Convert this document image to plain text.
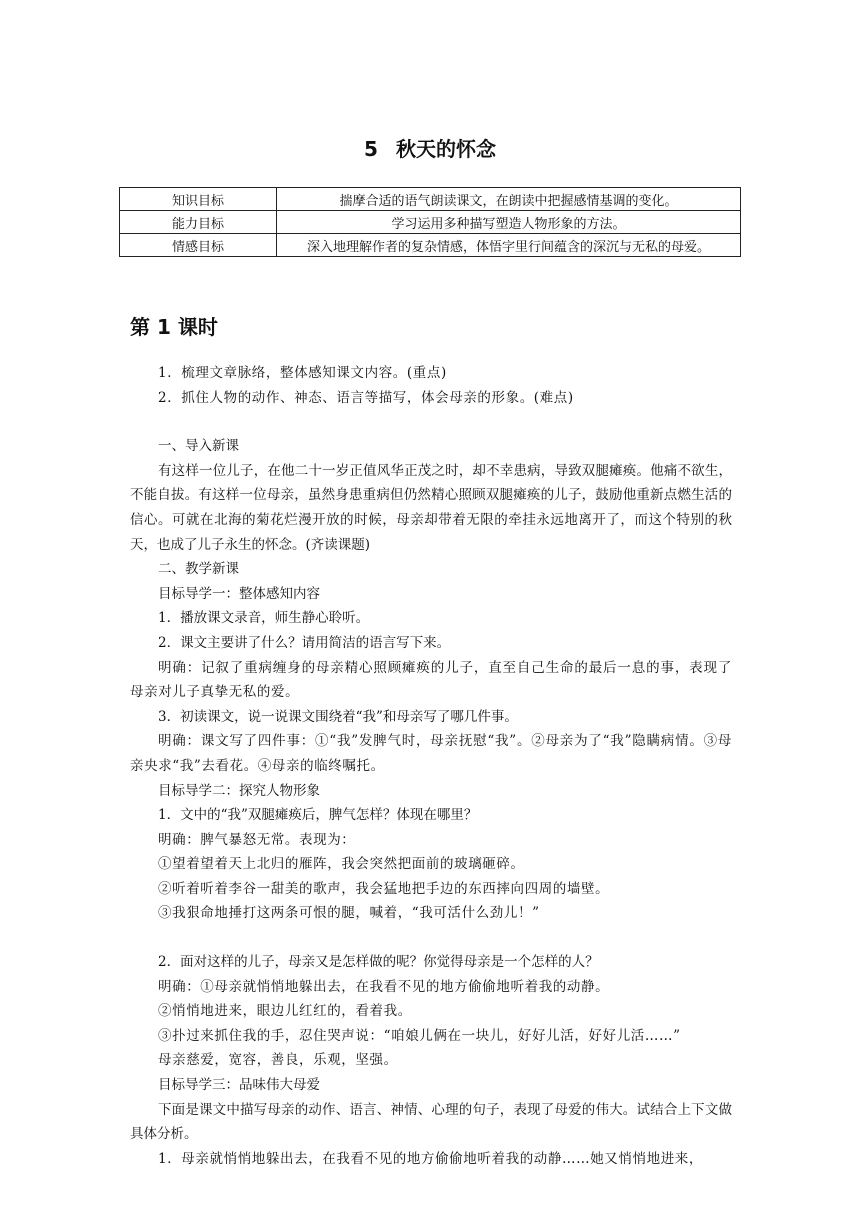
5 秋天的怀念
知识目标	揣摩合适的语气朗读课文，在朗读中把握感情基调的变化。
能力目标	学习运用多种描写塑造人物形象的方法。
情感目标	深入地理解作者的复杂情感，体悟字里行间蕴含的深沉与无私的母爱。
第 1 课时

1．梳理文章脉络，整体感知课文内容。(重点)

2．抓住人物的动作、神态、语言等描写，体会母亲的形象。(难点)

一、导入新课

有这样一位儿子，在他二十一岁正值风华正茂之时，却不幸患病，导致双腿瘫痪。他痛不欲生，不能自拔。有这样一位母亲，虽然身患重病但仍然精心照顾双腿瘫痪的儿子，鼓励他重新点燃生活的信心。可就在北海的菊花烂漫开放的时候，母亲却带着无限的牵挂永远地离开了，而这个特别的秋天，也成了儿子永生的怀念。(齐读课题)

二、教学新课

目标导学一：整体感知内容

1．播放课文录音，师生静心聆听。

2．课文主要讲了什么？请用简洁的语言写下来。

明确：记叙了重病缠身的母亲精心照顾瘫痪的儿子，直至自己生命的最后一息的事，表现了母亲对儿子真挚无私的爱。

3．初读课文，说一说课文围绕着“我”和母亲写了哪几件事。

明确：课文写了四件事：①“我”发脾气时，母亲抚慰“我”。②母亲为了“我”隐瞒病情。③母亲央求“我”去看花。④母亲的临终嘱托。

目标导学二：探究人物形象

1．文中的“我”双腿瘫痪后，脾气怎样？体现在哪里？

明确：脾气暴怒无常。表现为：

①望着望着天上北归的雁阵，我会突然把面前的玻璃砸碎。

②听着听着李谷一甜美的歌声，我会猛地把手边的东西摔向四周的墙壁。

③我狠命地捶打这两条可恨的腿，喊着，“我可活什么劲儿！”

2．面对这样的儿子，母亲又是怎样做的呢？你觉得母亲是一个怎样的人？

明确：①母亲就悄悄地躲出去，在我看不见的地方偷偷地听着我的动静。

②悄悄地进来，眼边儿红红的，看着我。

③扑过来抓住我的手，忍住哭声说：“咱娘儿俩在一块儿，好好儿活，好好儿活……”

母亲慈爱，宽容，善良，乐观，坚强。

目标导学三：品味伟大母爱

下面是课文中描写母亲的动作、语言、神情、心理的句子，表现了母爱的伟大。试结合上下文做具体分析。

1．母亲就悄悄地躲出去，在我看不见的地方偷偷地听着我的动静……她又悄悄地进来，
